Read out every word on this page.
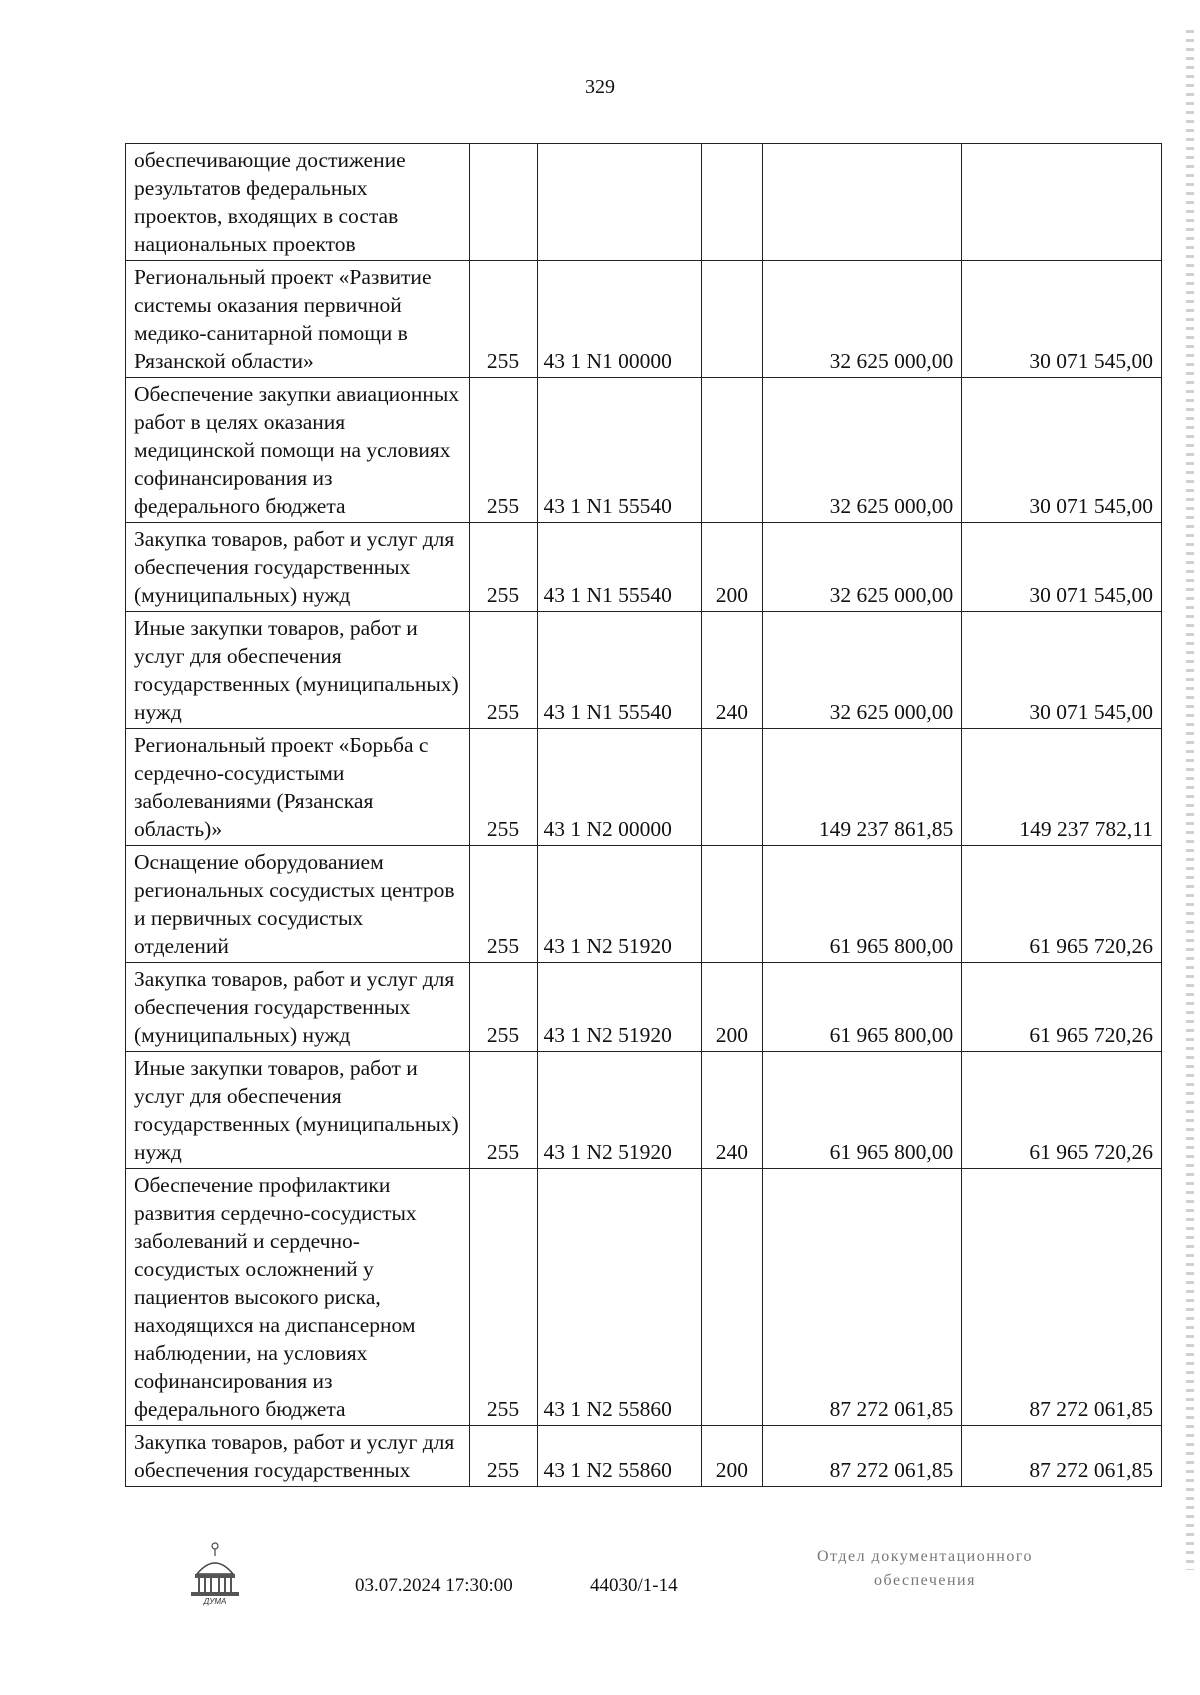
329
обеспечивающие достижение результатов федеральных проектов, входящих в состав национальных проектов					
Региональный проект «Развитие системы оказания первичной медико-санитарной помощи в Рязанской области»	255	43 1 N1 00000		32 625 000,00	30 071 545,00
Обеспечение закупки авиационных работ в целях оказания медицинской помощи на условиях софинансирования из федерального бюджета	255	43 1 N1 55540		32 625 000,00	30 071 545,00
Закупка товаров, работ и услуг для обеспечения государственных (муниципальных) нужд	255	43 1 N1 55540	200	32 625 000,00	30 071 545,00
Иные закупки товаров, работ и услуг для обеспечения государственных (муниципальных) нужд	255	43 1 N1 55540	240	32 625 000,00	30 071 545,00
Региональный проект «Борьба с сердечно-сосудистыми заболеваниями (Рязанская область)»	255	43 1 N2 00000		149 237 861,85	149 237 782,11
Оснащение оборудованием региональных сосудистых центров и первичных сосудистых отделений	255	43 1 N2 51920		61 965 800,00	61 965 720,26
Закупка товаров, работ и услуг для обеспечения государственных (муниципальных) нужд	255	43 1 N2 51920	200	61 965 800,00	61 965 720,26
Иные закупки товаров, работ и услуг для обеспечения государственных (муниципальных) нужд	255	43 1 N2 51920	240	61 965 800,00	61 965 720,26
Обеспечение профилактики развития сердечно-сосудистых заболеваний и сердечно-сосудистых осложнений у пациентов высокого риска, находящихся на диспансерном наблюдении, на условиях софинансирования из федерального бюджета	255	43 1 N2 55860		87 272 061,85	87 272 061,85
Закупка товаров, работ и услуг для обеспечения государственных	255	43 1 N2 55860	200	87 272 061,85	87 272 061,85
ДУМА
03.07.2024 17:30:00	44030/1-14
Отдел документационного
обеспечения
